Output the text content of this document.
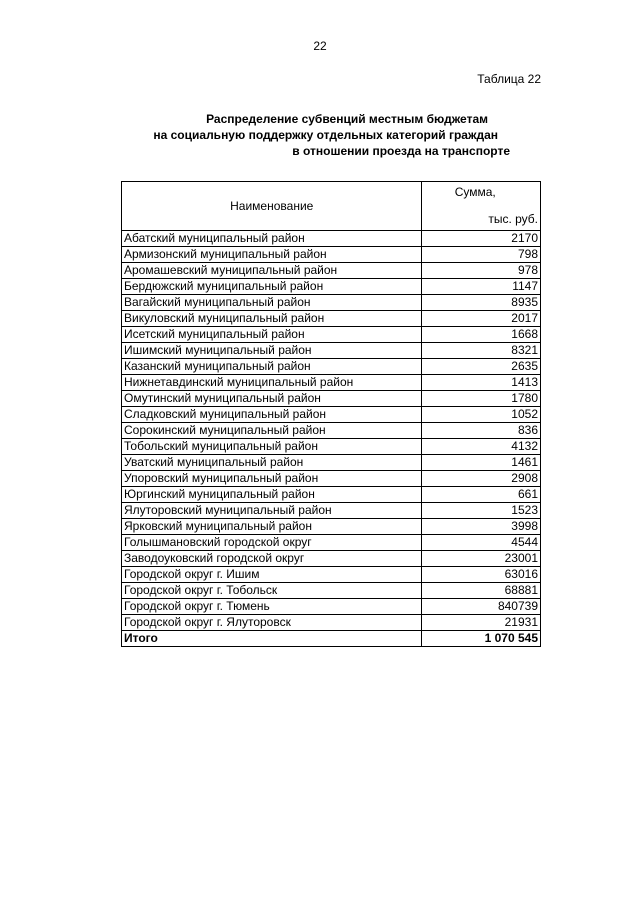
22
Таблица 22
Распределение субвенций местным бюджетам
на социальную поддержку отдельных категорий граждан
в отношении проезда на транспорте
Наименование	Сумма,
тыс. руб.

Абатский муниципальный район	2170
Армизонский муниципальный район	798
Аромашевский муниципальный район	978
Бердюжский муниципальный район	1147
Вагайский муниципальный район	8935
Викуловский муниципальный район	2017
Исетский муниципальный район	1668
Ишимский муниципальный район	8321
Казанский муниципальный район	2635
Нижнетавдинский муниципальный район	1413
Омутинский муниципальный район	1780
Сладковский муниципальный район	1052
Сорокинский муниципальный район	836
Тобольский муниципальный район	4132
Уватский муниципальный район	1461
Упоровский муниципальный район	2908
Юргинский муниципальный район	661
Ялуторовский муниципальный район	1523
Ярковский муниципальный район	3998
Голышмановский городской округ	4544
Заводоуковский городской округ	23001
Городской округ г. Ишим	63016
Городской округ г. Тобольск	68881
Городской округ г. Тюмень	840739
Городской округ г. Ялуторовск	21931
Итого	1 070 545
